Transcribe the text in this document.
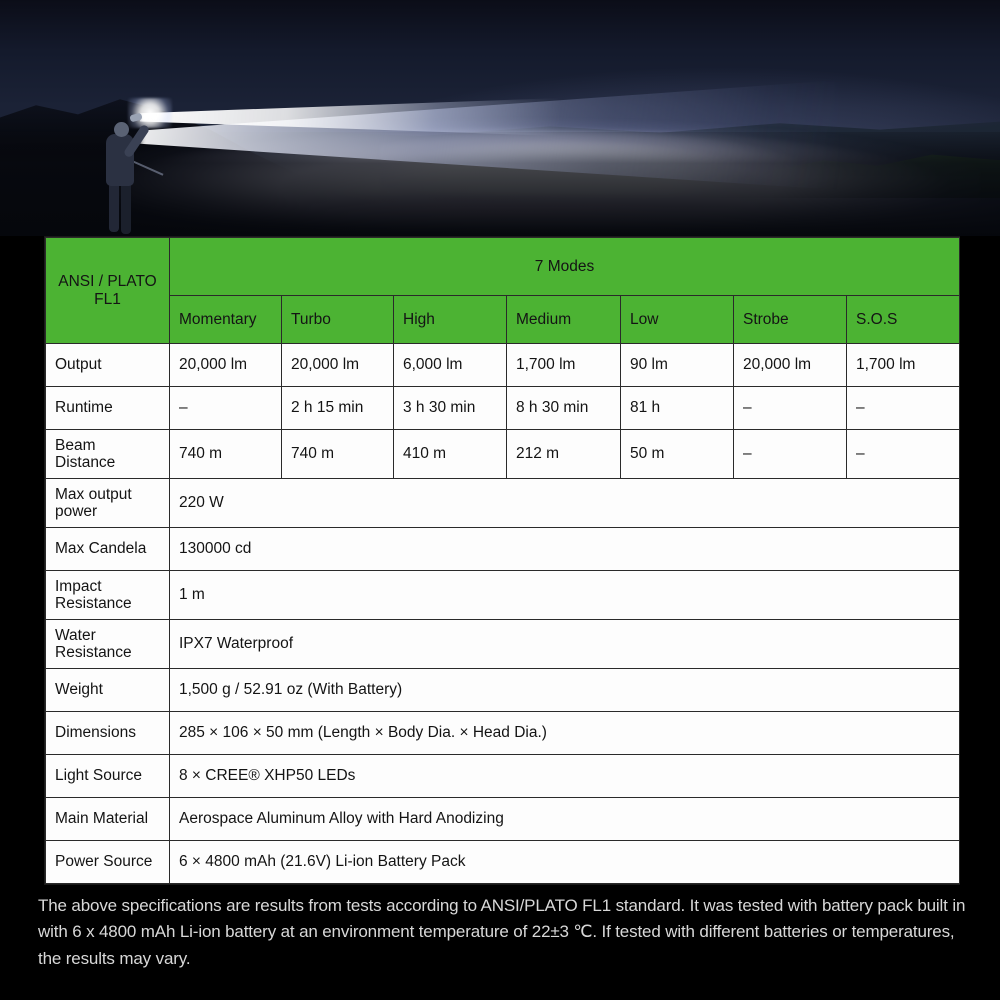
ANSI / PLATO
FL1	7 Modes						
	Momentary	Turbo	High	Medium	Low	Strobe	S.O.S
Output	20,000 lm	20,000 lm	6,000 lm	1,700 lm	90 lm	20,000 lm	1,700 lm
Runtime	–	2 h 15 min	3 h 30 min	8 h 30 min	81 h	–	–
Beam
Distance	740 m	740 m	410 m	212 m	50 m	–	–
Max output
power	220 W						
Max Candela	130000 cd						
Impact
Resistance	1 m						
Water
Resistance	IPX7 Waterproof						
Weight	1,500 g / 52.91 oz (With Battery)						
Dimensions	285 × 106 × 50 mm (Length × Body Dia. × Head Dia.)						
Light Source	8 × CREE® XHP50 LEDs						
Main Material	Aerospace Aluminum Alloy with Hard Anodizing						
Power Source	6 × 4800 mAh (21.6V) Li-ion Battery Pack						
The above specifications are results from tests according to ANSI/PLATO FL1 standard. It was tested with battery pack built in with 6 x 4800 mAh Li-ion battery at an environment temperature of 22±3 ℃. If tested with different batteries or temperatures, the results may vary.
